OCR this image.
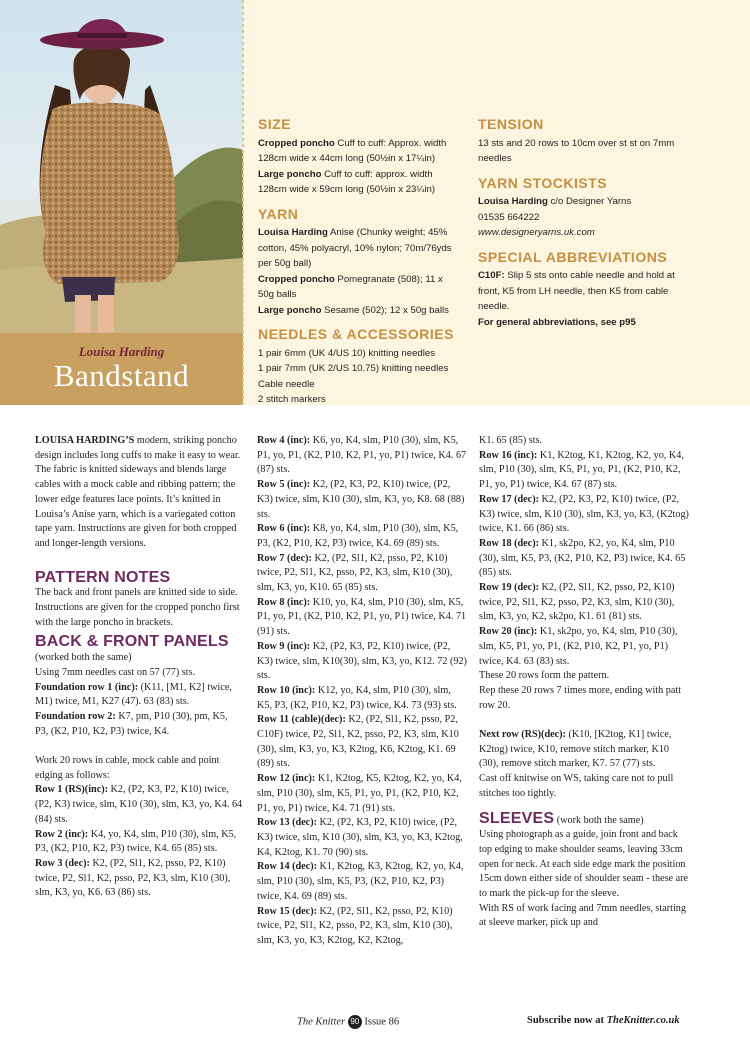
Louisa Harding
Bandstand
SIZE

Cropped poncho Cuff to cuff: Approx. width 128cm wide x 44cm long (50½in x 17¼in)

Large poncho Cuff to cuff: approx. width 128cm wide x 59cm long (50½in x 23¼in)

YARN

Louisa Harding Anise (Chunky weight; 45% cotton, 45% polyacryl, 10% nylon; 70m/76yds per 50g ball)

Cropped poncho Pomegranate (508); 11 x 50g balls

Large poncho Sesame (502); 12 x 50g balls

NEEDLES & ACCESSORIES

1 pair 6mm (UK 4/US 10) knitting needles

1 pair 7mm (UK 2/US 10.75) knitting needles

Cable needle

2 stitch markers

TENSION

13 sts and 20 rows to 10cm over st st on 7mm needles

YARN STOCKISTS

Louisa Harding c/o Designer Yarns

01535 664222

www.designeryarns.uk.com

SPECIAL ABBREVIATIONS

C10F: Slip 5 sts onto cable needle and hold at front, K5 from LH needle, then K5 from cable needle.

For general abbreviations, see p95

LOUISA HARDING’S modern, striking poncho design includes long cuffs to make it easy to wear. The fabric is knitted sideways and blends large cables with a mock cable and ribbing pattern; the lower edge features lace points. It’s knitted in Louisa’s Anise yarn, which is a variegated cotton tape yarn. Instructions are given for both cropped and longer-length versions.

PATTERN NOTES

The back and front panels are knitted side to side.

Instructions are given for the cropped poncho first with the large poncho in brackets.

BACK & FRONT PANELS

(worked both the same)

Using 7mm needles cast on 57 (77) sts.

Foundation row 1 (inc): (K11, [M1, K2] twice, M1) twice, M1, K27 (47). 63 (83) sts.

Foundation row 2: K7, pm, P10 (30), pm, K5, P3, (K2, P10, K2, P3) twice, K4.

Work 20 rows in cable, mock cable and point edging as follows:

Row 1 (RS)(inc): K2, (P2, K3, P2, K10) twice, (P2, K3) twice, slm, K10 (30), slm, K3, yo, K4. 64 (84) sts.

Row 2 (inc): K4, yo, K4, slm, P10 (30), slm, K5, P3, (K2, P10, K2, P3) twice, K4. 65 (85) sts.

Row 3 (dec): K2, (P2, Sl1, K2, psso, P2, K10) twice, P2, Sl1, K2, psso, P2, K3, slm, K10 (30), slm, K3, yo, K6. 63 (86) sts.

Row 4 (inc): K6, yo, K4, slm, P10 (30), slm, K5, P1, yo, P1, (K2, P10, K2, P1, yo, P1) twice, K4. 67 (87) sts.

Row 5 (inc): K2, (P2, K3, P2, K10) twice, (P2, K3) twice, slm, K10 (30), slm, K3, yo, K8. 68 (88) sts.

Row 6 (inc): K8, yo, K4, slm, P10 (30), slm, K5, P3, (K2, P10, K2, P3) twice, K4. 69 (89) sts.

Row 7 (dec): K2, (P2, Sl1, K2, psso, P2, K10) twice, P2, Sl1, K2, psso, P2, K3, slm, K10 (30), slm, K3, yo, K10. 65 (85) sts.

Row 8 (inc): K10, yo, K4, slm, P10 (30), slm, K5, P1, yo, P1, (K2, P10, K2, P1, yo, P1) twice, K4. 71 (91) sts.

Row 9 (inc): K2, (P2, K3, P2, K10) twice, (P2, K3) twice, slm, K10(30), slm, K3, yo, K12. 72 (92) sts.

Row 10 (inc): K12, yo, K4, slm, P10 (30), slm, K5, P3, (K2, P10, K2, P3) twice, K4. 73 (93) sts.

Row 11 (cable)(dec): K2, (P2, Sl1, K2, psso, P2, C10F) twice, P2, Sl1, K2, psso, P2, K3, slm, K10 (30), slm, K3, yo, K3, K2tog, K6, K2tog, K1. 69 (89) sts.

Row 12 (inc): K1, K2tog, K5, K2tog, K2, yo, K4, slm, P10 (30), slm, K5, P1, yo, P1, (K2, P10, K2, P1, yo, P1) twice, K4. 71 (91) sts.

Row 13 (dec): K2, (P2, K3, P2, K10) twice, (P2, K3) twice, slm, K10 (30), slm, K3, yo, K3, K2tog, K4, K2tog, K1. 70 (90) sts.

Row 14 (dec): K1, K2tog, K3, K2tog, K2, yo, K4, slm, P10 (30), slm, K5, P3, (K2, P10, K2, P3) twice, K4. 69 (89) sts.

Row 15 (dec): K2, (P2, Sl1, K2, psso, P2, K10) twice, P2, Sl1, K2, psso, P2, K3, slm, K10 (30), slm, K3, yo, K3, K2tog, K2, K2tog,

K1. 65 (85) sts.

Row 16 (inc): K1, K2tog, K1, K2tog, K2, yo, K4, slm, P10 (30), slm, K5, P1, yo, P1, (K2, P10, K2, P1, yo, P1) twice, K4. 67 (87) sts.

Row 17 (dec): K2, (P2, K3, P2, K10) twice, (P2, K3) twice, slm, K10 (30), slm, K3, yo, K3, (K2tog) twice, K1. 66 (86) sts.

Row 18 (dec): K1, sk2po, K2, yo, K4, slm, P10 (30), slm, K5, P3, (K2, P10, K2, P3) twice, K4. 65 (85) sts.

Row 19 (dec): K2, (P2, Sl1, K2, psso, P2, K10) twice, P2, Sl1, K2, psso, P2, K3, slm, K10 (30), slm, K3, yo, K2, sk2po, K1. 61 (81) sts.

Row 20 (inc): K1, sk2po, yo, K4, slm, P10 (30), slm, K5, P1, yo, P1, (K2, P10, K2, P1, yo, P1) twice, K4. 63 (83) sts.

These 20 rows form the pattern.

Rep these 20 rows 7 times more, ending with patt row 20.

Next row (RS)(dec): (K10, [K2tog, K1] twice, K2tog) twice, K10, remove stitch marker, K10 (30), remove stitch marker, K7. 57 (77) sts.

Cast off knitwise on WS, taking care not to pull stitches too tightly.

SLEEVES (work both the same)

Using photograph as a guide, join front and back top edging to make shoulder seams, leaving 33cm open for neck. At each side edge mark the position 15cm down either side of shoulder seam - these are to mark the pick-up for the sleeve.

With RS of work facing and 7mm needles, starting at sleeve marker, pick up and

The Knitter 90 Issue 86	Subscribe now at TheKnitter.co.uk
